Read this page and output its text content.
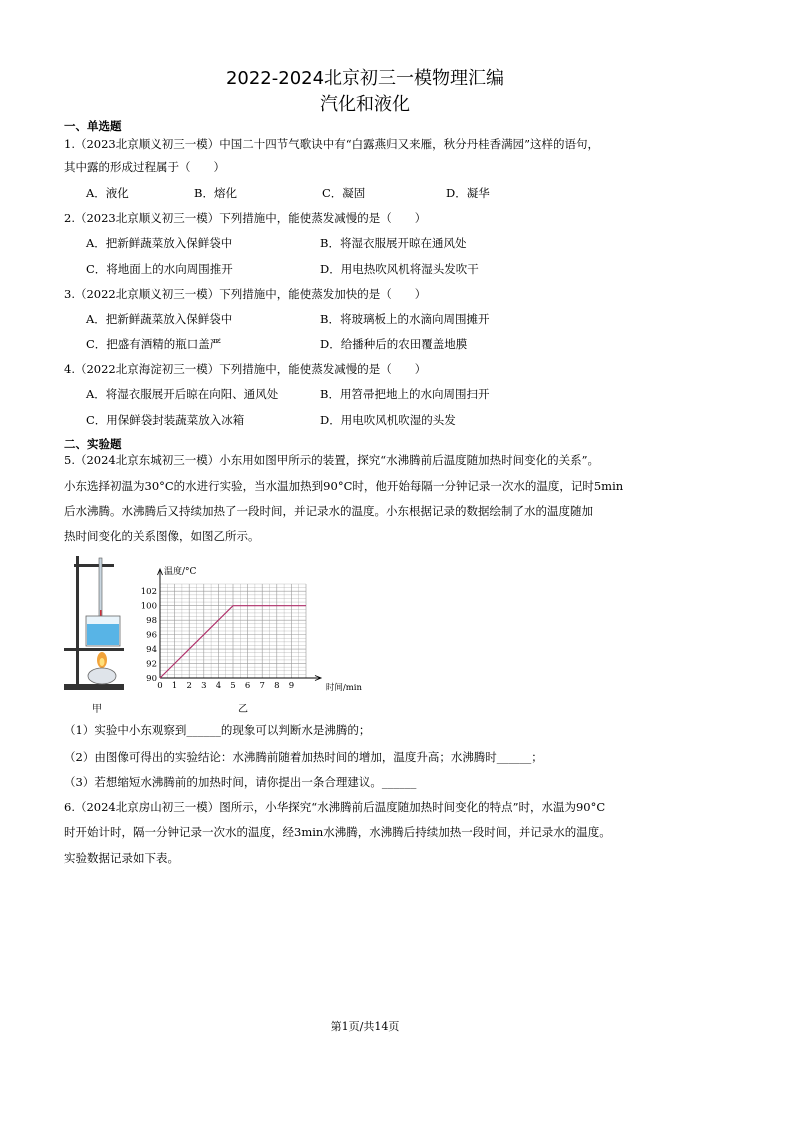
2022-2024北京初三一模物理汇编
汽化和液化
一、单选题
1.（2023北京顺义初三一模）中国二十四节气歌诀中有“白露燕归又来雁，秋分丹桂香满园”这样的语句，
其中露的形成过程属于（　　）
A．液化	B．熔化	C．凝固	D．凝华
2.（2023北京顺义初三一模）下列措施中，能使蒸发减慢的是（　　）
A．把新鲜蔬菜放入保鲜袋中	B．将湿衣服展开晾在通风处
C．将地面上的水向周围推开	D．用电热吹风机将湿头发吹干
3.（2022北京顺义初三一模）下列措施中，能使蒸发加快的是（　　）
A．把新鲜蔬菜放入保鲜袋中	B．将玻璃板上的水滴向周围摊开
C．把盛有酒精的瓶口盖严	D．给播种后的农田覆盖地膜
4.（2022北京海淀初三一模）下列措施中，能使蒸发减慢的是（　　）
A．将湿衣服展开后晾在向阳、通风处	B．用笤帚把地上的水向周围扫开
C．用保鲜袋封装蔬菜放入冰箱	D．用电吹风机吹湿的头发
二、实验题
5.（2024北京东城初三一模）小东用如图甲所示的装置，探究“水沸腾前后温度随加热时间变化的关系”。
小东选择初温为30°C的水进行实验，当水温加热到90°C时，他开始每隔一分钟记录一次水的温度，记时5min
后水沸腾。水沸腾后又持续加热了一段时间，并记录水的温度。小东根据记录的数据绘制了水的温度随加
热时间变化的关系图像，如图乙所示。
甲
0 1 2 3 4 5 6 7 8 9
90
92
94
96
98
100
102
温度/°C
时间/min
乙
（1）实验中小东观察到______的现象可以判断水是沸腾的；
（2）由图像可得出的实验结论：水沸腾前随着加热时间的增加，温度升高；水沸腾时______；
（3）若想缩短水沸腾前的加热时间，请你提出一条合理建议。______
6.（2024北京房山初三一模）图所示，小华探究“水沸腾前后温度随加热时间变化的特点”时，水温为90°C
时开始计时，隔一分钟记录一次水的温度，经3min水沸腾，水沸腾后持续加热一段时间，并记录水的温度。
实验数据记录如下表。
第1页/共14页
